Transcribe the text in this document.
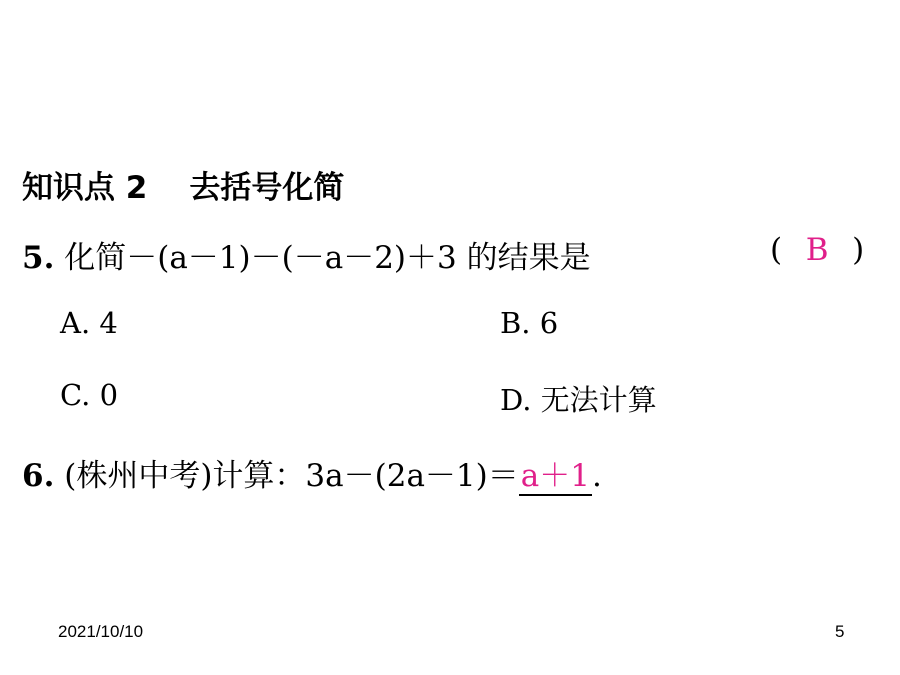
知识点 2 去括号化简
5. 化简－(a－1)－(－a－2)＋3 的结果是	( B )
A. 4	B. 6
C. 0	D. 无法计算
6. (株州中考)计算：3a－(2a－1)＝a＋1.
2021/10/10	5
